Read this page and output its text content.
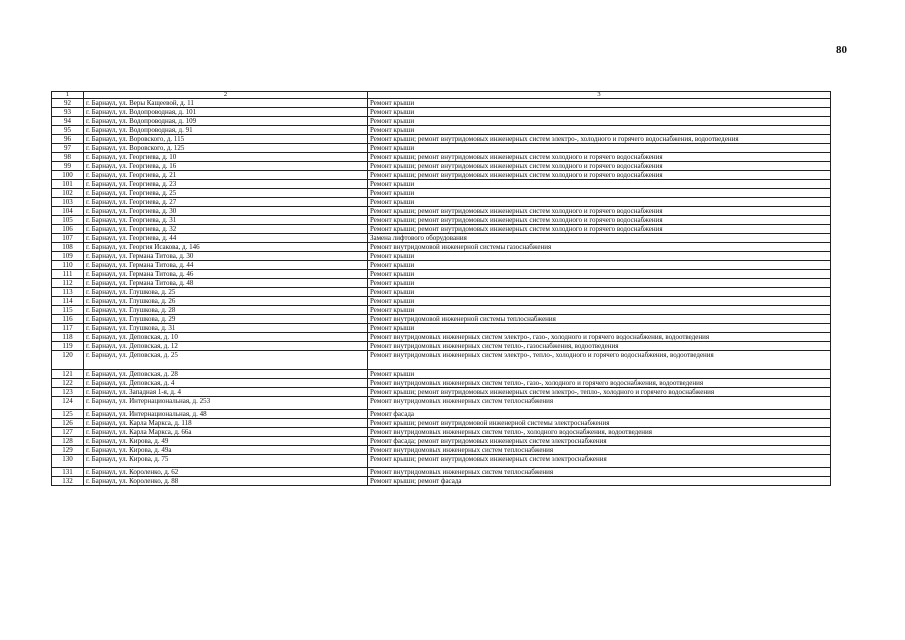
80
1	2	3
92	г. Барнаул, ул. Веры Кащеевой, д. 11	Ремонт крыши
93	г. Барнаул, ул. Водопроводная, д. 101	Ремонт крыши
94	г. Барнаул, ул. Водопроводная, д. 109	Ремонт крыши
95	г. Барнаул, ул. Водопроводная, д. 91	Ремонт крыши
96	г. Барнаул, ул. Воровского, д. 115	Ремонт крыши; ремонт внутридомовых инженерных систем электро-, холодного и горячего водоснабжения, водоотведения
97	г. Барнаул, ул. Воровского, д. 125	Ремонт крыши
98	г. Барнаул, ул. Георгиева, д. 10	Ремонт крыши; ремонт внутридомовых инженерных систем холодного и горячего водоснабжения
99	г. Барнаул, ул. Георгиева, д. 16	Ремонт крыши; ремонт внутридомовых инженерных систем холодного и горячего водоснабжения
100	г. Барнаул, ул. Георгиева, д. 21	Ремонт крыши; ремонт внутридомовых инженерных систем холодного и горячего водоснабжения
101	г. Барнаул, ул. Георгиева, д. 23	Ремонт крыши
102	г. Барнаул, ул. Георгиева, д. 25	Ремонт крыши
103	г. Барнаул, ул. Георгиева, д. 27	Ремонт крыши
104	г. Барнаул, ул. Георгиева, д. 30	Ремонт крыши; ремонт внутридомовых инженерных систем холодного и горячего водоснабжения
105	г. Барнаул, ул. Георгиева, д. 31	Ремонт крыши; ремонт внутридомовых инженерных систем холодного и горячего водоснабжения
106	г. Барнаул, ул. Георгиева, д. 32	Ремонт крыши; ремонт внутридомовых инженерных систем холодного и горячего водоснабжения
107	г. Барнаул, ул. Георгиева, д. 44	Замена лифтового оборудования
108	г. Барнаул, ул. Георгия Исакова, д. 146	Ремонт внутридомовой инженерной системы газоснабжения
109	г. Барнаул, ул. Германа Титова, д. 30	Ремонт крыши
110	г. Барнаул, ул. Германа Титова, д. 44	Ремонт крыши
111	г. Барнаул, ул. Германа Титова, д. 46	Ремонт крыши
112	г. Барнаул, ул. Германа Титова, д. 48	Ремонт крыши
113	г. Барнаул, ул. Глушкова, д. 25	Ремонт крыши
114	г. Барнаул, ул. Глушкова, д. 26	Ремонт крыши
115	г. Барнаул, ул. Глушкова, д. 28	Ремонт крыши
116	г. Барнаул, ул. Глушкова, д. 29	Ремонт внутридомовой инженерной системы теплоснабжения
117	г. Барнаул, ул. Глушкова, д. 31	Ремонт крыши
118	г. Барнаул, ул. Деповская, д. 10	Ремонт внутридомовых инженерных систем электро-, газо-, холодного и горячего водоснабжения, водоотведения
119	г. Барнаул, ул. Деповская, д. 12	Ремонт внутридомовых инженерных систем тепло-, газоснабжения, водоотведения
120	г. Барнаул, ул. Деповская, д. 25	Ремонт внутридомовых инженерных систем электро-, тепло-, холодного и горячего водоснабжения, водоотведения
121	г. Барнаул, ул. Деповская, д. 28	Ремонт крыши
122	г. Барнаул, ул. Деповская, д. 4	Ремонт внутридомовых инженерных систем тепло-, газо-, холодного и горячего водоснабжения, водоотведения
123	г. Барнаул, ул. Западная 1-я, д. 4	Ремонт крыши; ремонт внутридомовых инженерных систем электро-, тепло-, холодного и горячего водоснабжения
124	г. Барнаул, ул. Интернациональная, д. 253	Ремонт внутридомовых инженерных систем теплоснабжения
125	г. Барнаул, ул. Интернациональная, д. 48	Ремонт фасада
126	г. Барнаул, ул. Карла Маркса, д. 118	Ремонт крыши; ремонт внутридомовой инженерной системы электроснабжения
127	г. Барнаул, ул. Карла Маркса, д. 66а	Ремонт внутридомовых инженерных систем тепло-, холодного водоснабжения, водоотведения
128	г. Барнаул, ул. Кирова, д. 49	Ремонт фасада; ремонт внутридомовых инженерных систем электроснабжения
129	г. Барнаул, ул. Кирова, д. 49а	Ремонт внутридомовых инженерных систем теплоснабжения
130	г. Барнаул, ул. Кирова, д. 75	Ремонт крыши; ремонт внутридомовых инженерных систем электроснабжения
131	г. Барнаул, ул. Короленко, д. 62	Ремонт внутридомовых инженерных систем теплоснабжения
132	г. Барнаул, ул. Короленко, д. 88	Ремонт крыши; ремонт фасада
